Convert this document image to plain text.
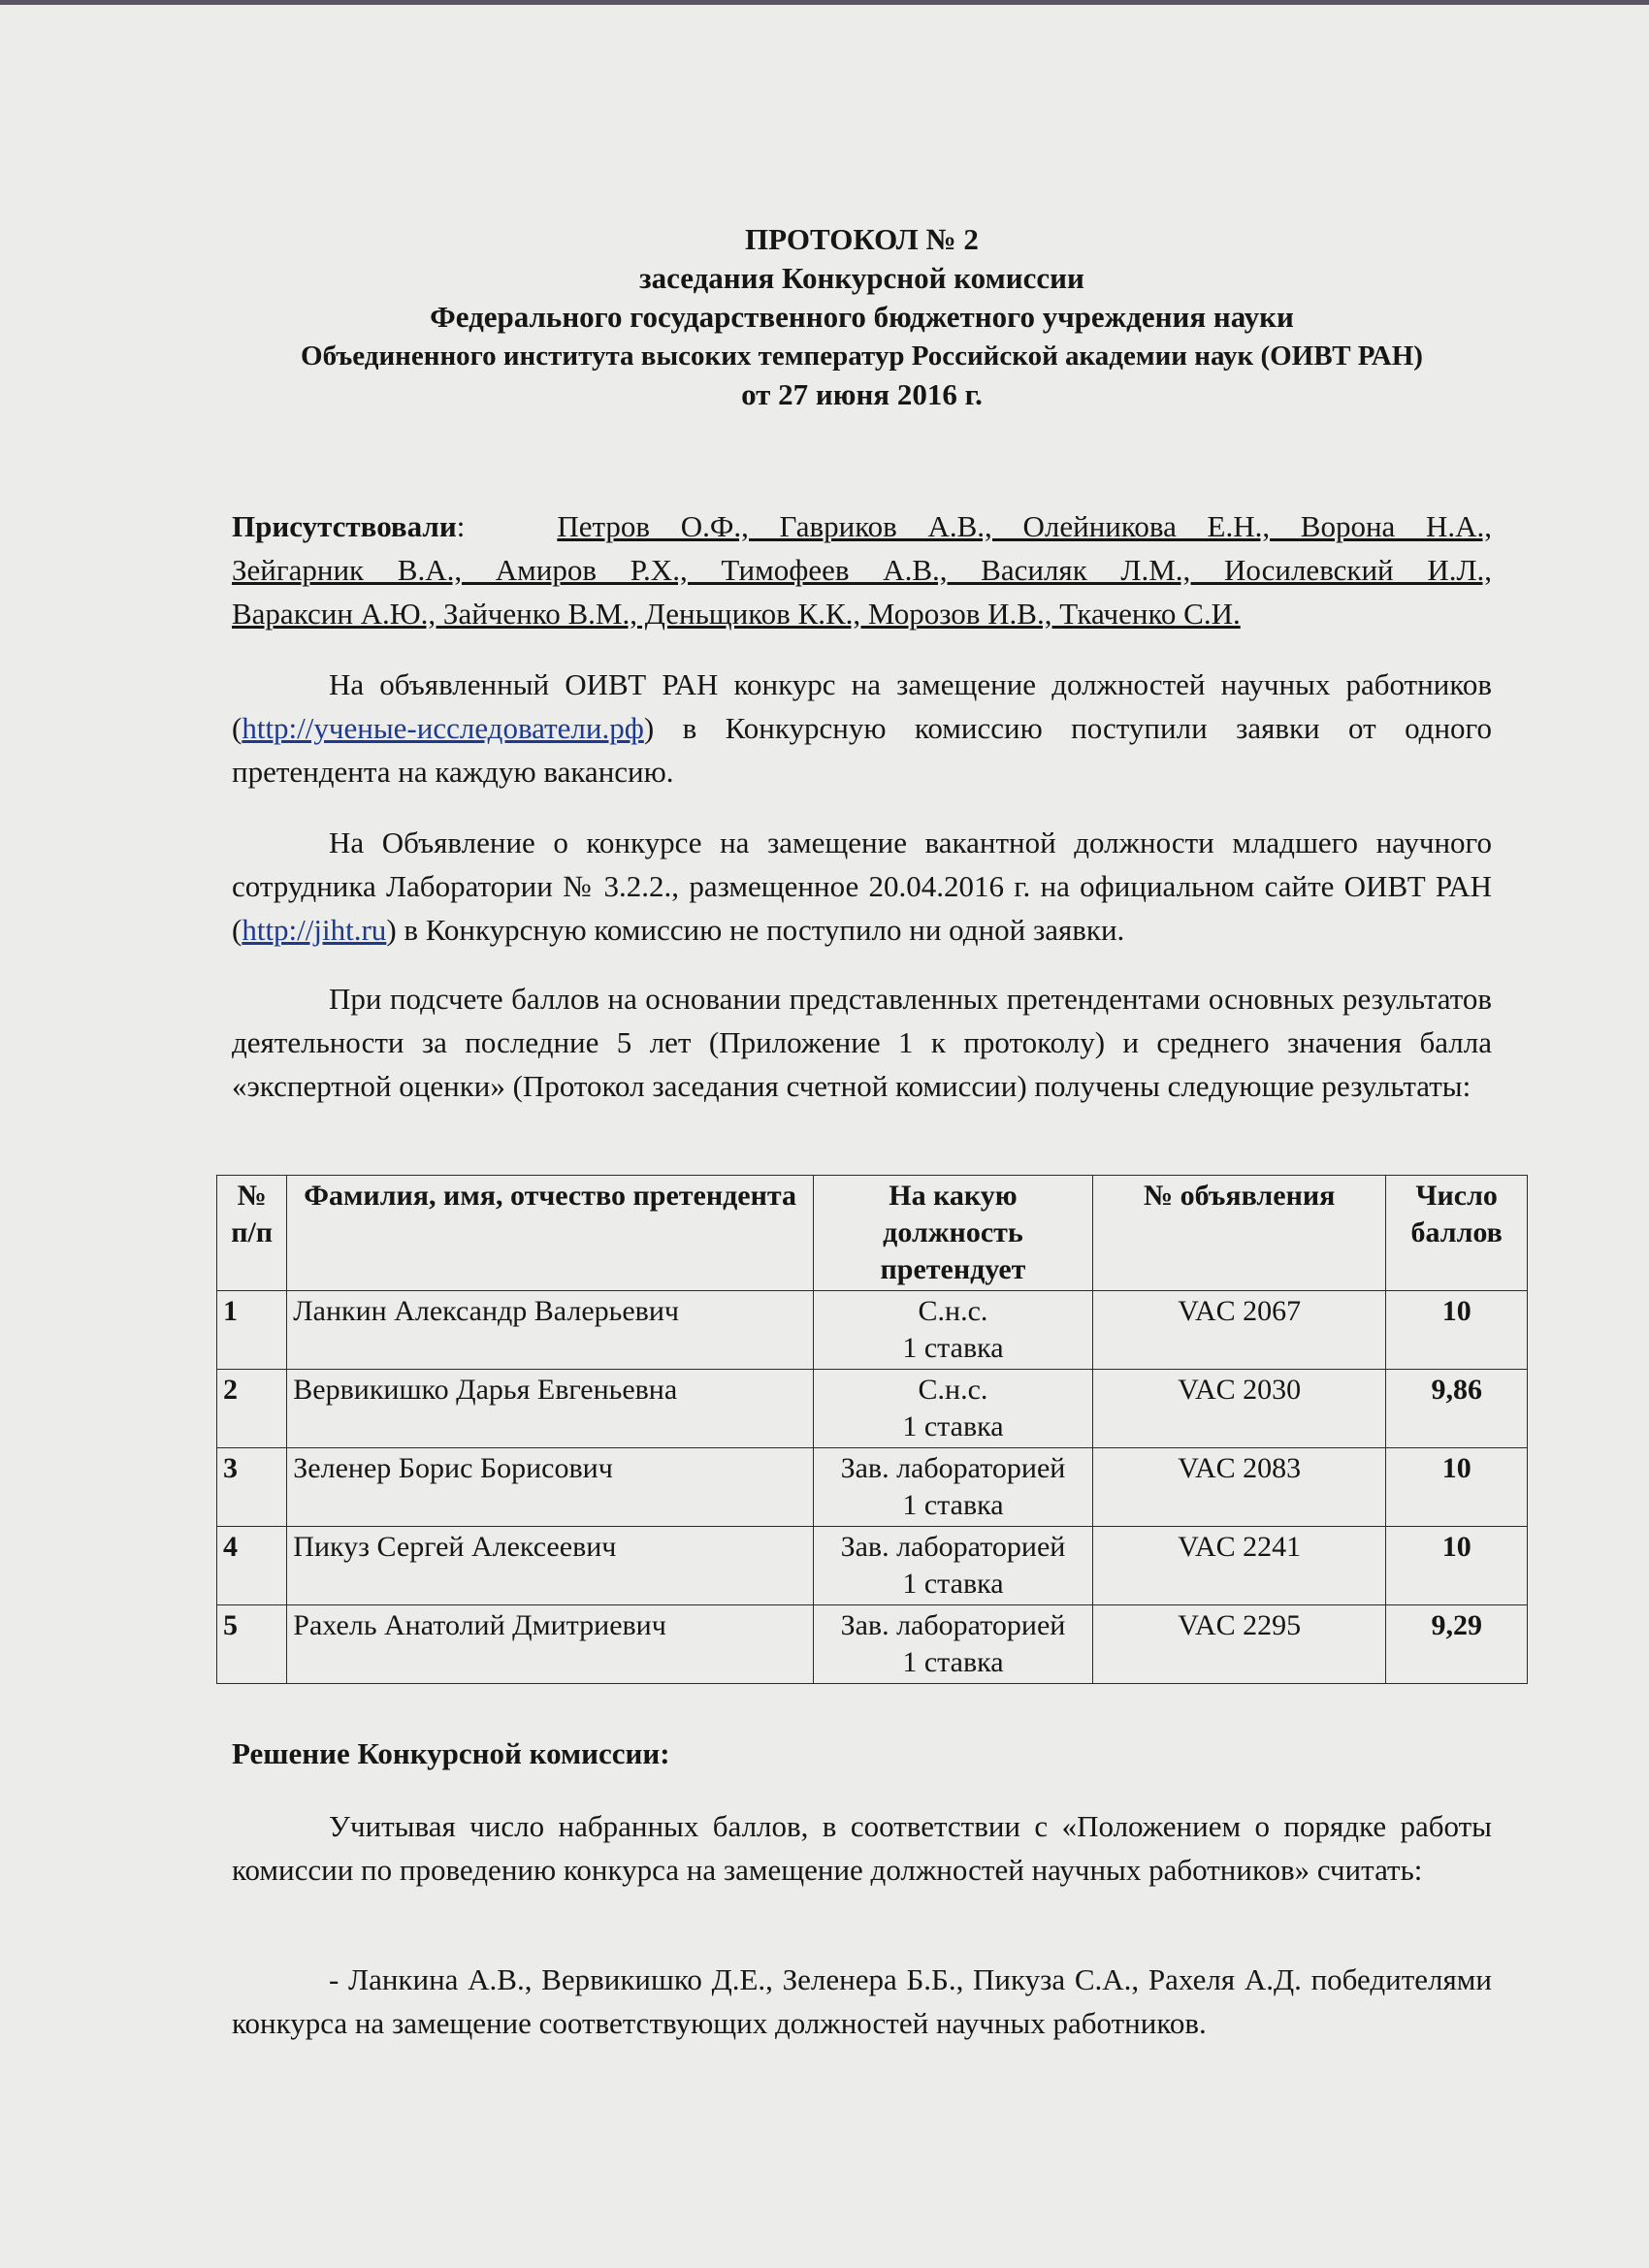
ПРОТОКОЛ № 2
заседания Конкурсной комиссии
Федерального государственного бюджетного учреждения науки
Объединенного института высоких температур Российской академии наук (ОИВТ РАН)
от 27 июня 2016 г.
Присутствовали:	Петров О.Ф., Гавриков А.В., Олейникова Е.Н., Ворона Н.А.,
Зейгарник В.А., Амиров Р.Х., Тимофеев А.В., Василяк Л.М., Иосилевский И.Л.,
Вараксин А.Ю., Зайченко В.М., Деньщиков К.К., Морозов И.В., Ткаченко С.И.
На объявленный ОИВТ РАН конкурс на замещение должностей научных работников (http://ученые-исследователи.рф) в Конкурсную комиссию поступили заявки от одного претендента на каждую вакансию.
На Объявление о конкурсе на замещение вакантной должности младшего научного сотрудника Лаборатории № 3.2.2., размещенное 20.04.2016 г. на официальном сайте ОИВТ РАН (http://jiht.ru) в Конкурсную комиссию не поступило ни одной заявки.
При подсчете баллов на основании представленных претендентами основных результатов деятельности за последние 5 лет (Приложение 1 к протоколу) и среднего значения балла «экспертной оценки» (Протокол заседания счетной комиссии) получены следующие результаты:
№ п/п	Фамилия, имя, отчество претендента	На какую должность претендует	№ объявления	Число баллов
1	Ланкин Александр Валерьевич	С.н.с.
1 ставка	VAC 2067	10
2	Вервикишко Дарья Евгеньевна	С.н.с.
1 ставка	VAC 2030	9,86
3	Зеленер Борис Борисович	Зав. лабораторией
1 ставка	VAC 2083	10
4	Пикуз Сергей Алексеевич	Зав. лабораторией
1 ставка	VAC 2241	10
5	Рахель Анатолий Дмитриевич	Зав. лабораторией
1 ставка	VAC 2295	9,29
Решение Конкурсной комиссии:
Учитывая число набранных баллов, в соответствии с «Положением о порядке работы комиссии по проведению конкурса на замещение должностей научных работников» считать:
- Ланкина А.В., Вервикишко Д.Е., Зеленера Б.Б., Пикуза С.А., Рахеля А.Д. победителями конкурса на замещение соответствующих должностей научных работников.
